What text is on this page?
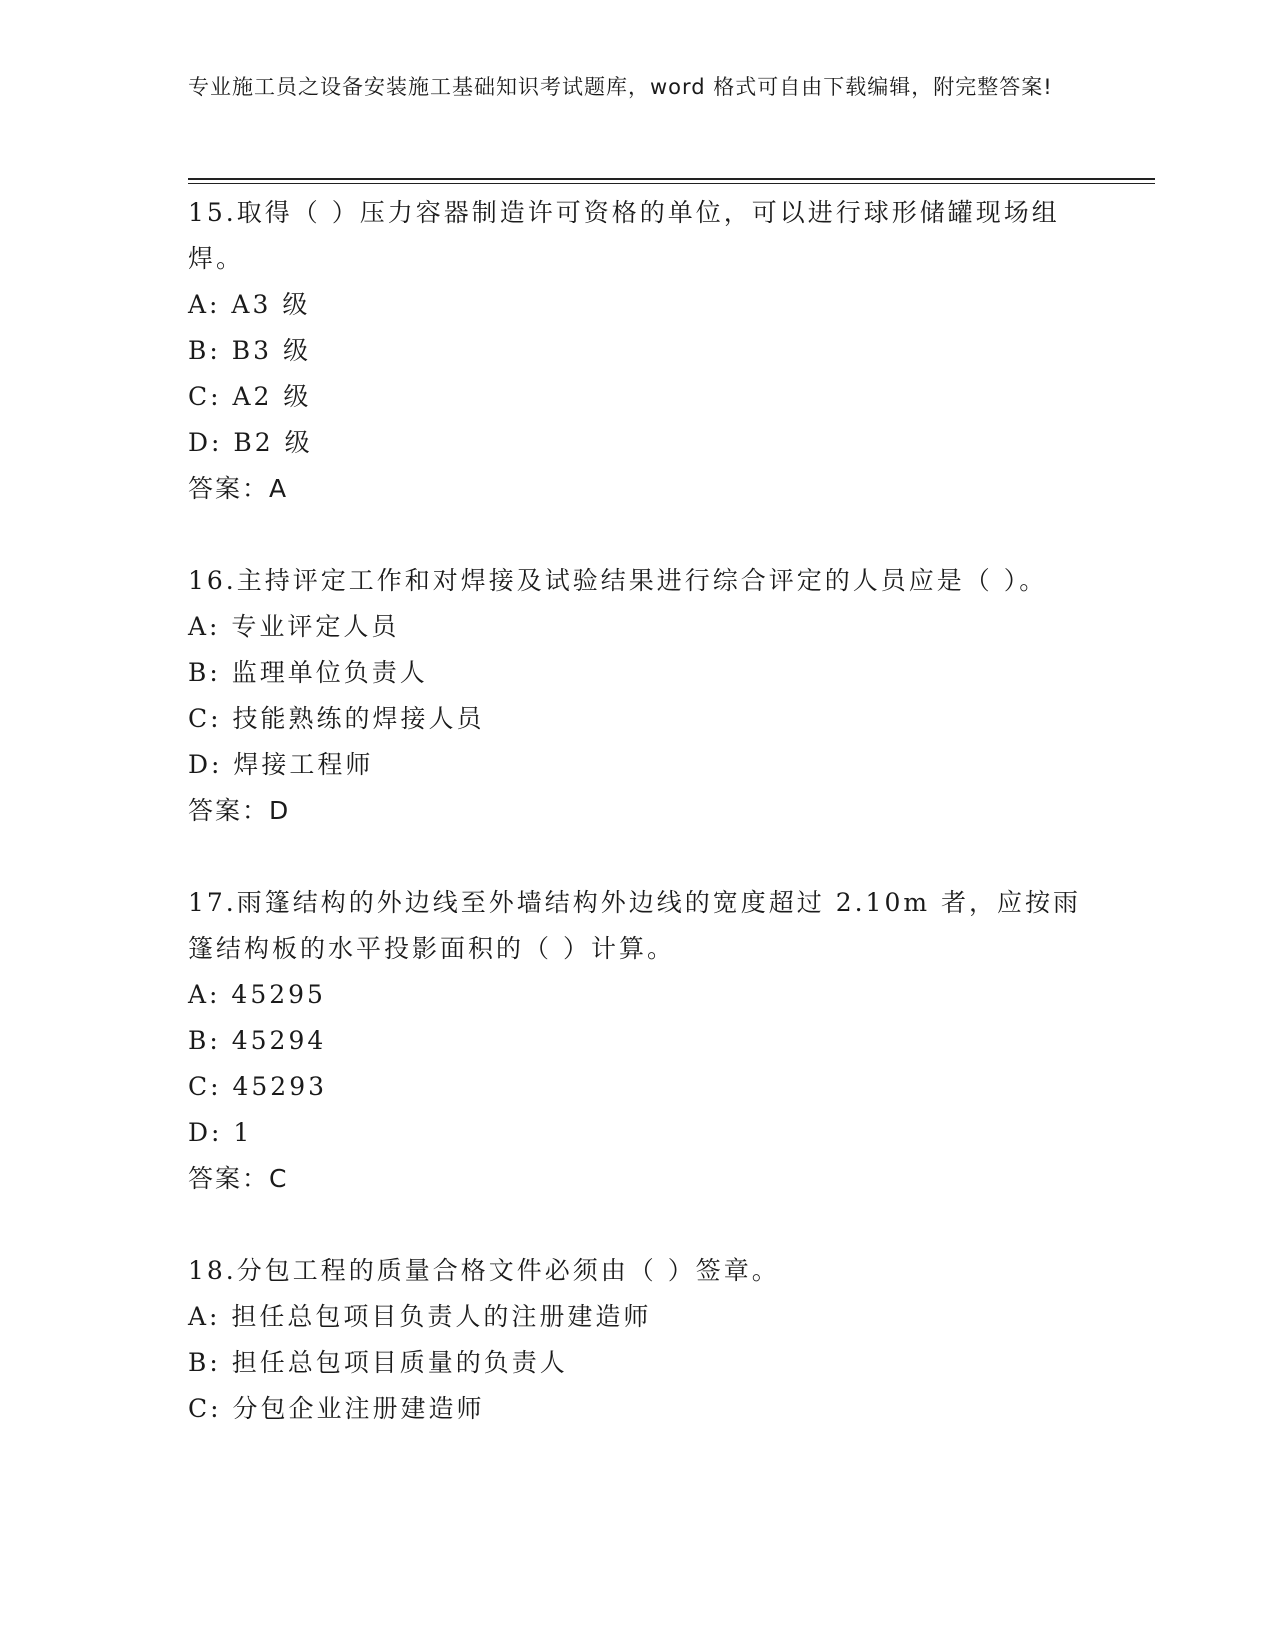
专业施工员之设备安装施工基础知识考试题库，word 格式可自由下载编辑，附完整答案!

15.取得（ ）压力容器制造许可资格的单位，可以进行球形储罐现场组焊。

A: A3 级

B: B3 级

C: A2 级

D: B2 级

答案：A

16.主持评定工作和对焊接及试验结果进行综合评定的人员应是（ ）。

A: 专业评定人员

B: 监理单位负责人

C: 技能熟练的焊接人员

D: 焊接工程师

答案：D

17.雨篷结构的外边线至外墙结构外边线的宽度超过 2.10m 者，应按雨篷结构板的水平投影面积的（ ）计算。

A: 45295

B: 45294

C: 45293

D: 1

答案：C

18.分包工程的质量合格文件必须由（ ）签章。

A: 担任总包项目负责人的注册建造师

B: 担任总包项目质量的负责人

C: 分包企业注册建造师
